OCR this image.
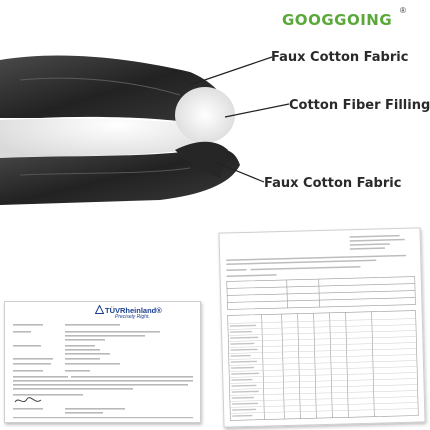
GOOGGOING
®
Faux Cotton Fabric
Cotton Fiber Filling
Faux Cotton Fabric
TÜVRheinland®
Precisely Right.
